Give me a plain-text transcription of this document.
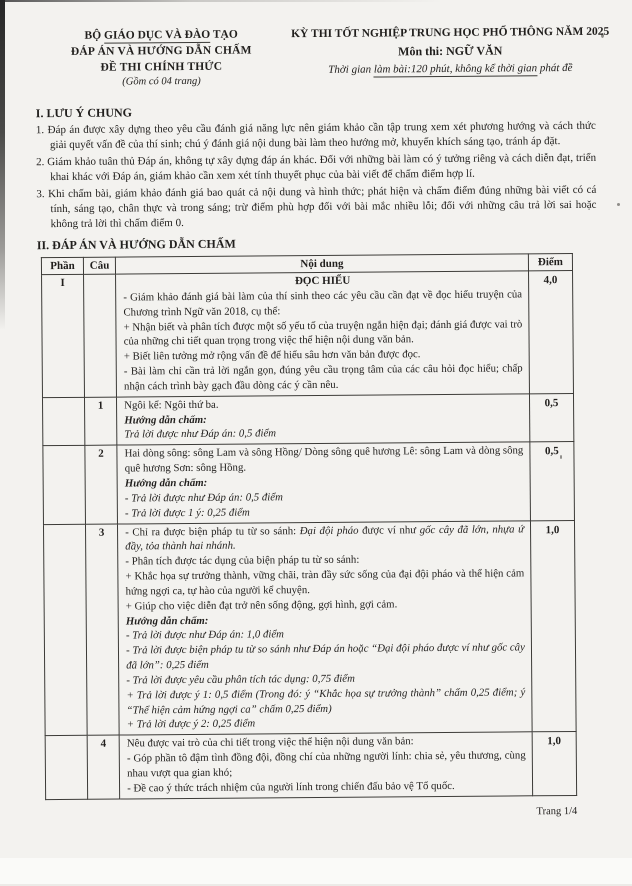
BỘ GIÁO DỤC VÀ ĐÀO TẠO
ĐÁP ÁN VÀ HƯỚNG DẪN CHẤM
ĐỀ THI CHÍNH THỨC
(Gồm có 04 trang)
KỲ THI TỐT NGHIỆP TRUNG HỌC PHỔ THÔNG NĂM 2025
Môn thi: NGỮ VĂN
Thời gian làm bài:120 phút, không kể thời gian phát đề
I. LƯU Ý CHUNG
1. Đáp án được xây dựng theo yêu cầu đánh giá năng lực nên giám khảo cần tập trung xem xét phương hướng và cách thức giải quyết vấn đề của thí sinh; chú ý đánh giá nội dung bài làm theo hướng mở, khuyến khích sáng tạo, tránh áp đặt.
2. Giám khảo tuân thủ Đáp án, không tự xây dựng đáp án khác. Đối với những bài làm có ý tưởng riêng và cách diễn đạt, triển khai khác với Đáp án, giám khảo cần xem xét tính thuyết phục của bài viết để chấm điểm hợp lí.
3. Khi chấm bài, giám khảo đánh giá bao quát cả nội dung và hình thức; phát hiện và chấm điểm đúng những bài viết có cá tính, sáng tạo, chân thực và trong sáng; trừ điểm phù hợp đối với bài mắc nhiều lỗi; đối với những câu trả lời sai hoặc không trả lời thì chấm điểm 0.
II. ĐÁP ÁN VÀ HƯỚNG DẪN CHẤM
Phần	Câu	Nội dung	Điểm
I		ĐỌC HIỂU
- Giám khảo đánh giá bài làm của thí sinh theo các yêu cầu cần đạt về đọc hiểu truyện của Chương trình Ngữ văn 2018, cụ thể:
+ Nhận biết và phân tích được một số yếu tố của truyện ngắn hiện đại; đánh giá được vai trò của những chi tiết quan trọng trong việc thể hiện nội dung văn bản.
+ Biết liên tưởng mở rộng vấn đề để hiểu sâu hơn văn bản được đọc.
- Bài làm chỉ cần trả lời ngắn gọn, đúng yêu cầu trọng tâm của các câu hỏi đọc hiểu; chấp nhận cách trình bày gạch đầu dòng các ý cần nêu.	4,0
	1	Ngôi kể: Ngôi thứ ba.
Hướng dẫn chấm:
Trả lời được như Đáp án: 0,5 điểm	0,5
	2	Hai dòng sông: sông Lam và sông Hồng/ Dòng sông quê hương Lê: sông Lam và dòng sông quê hương Sơn: sông Hồng.
Hướng dẫn chấm:
- Trả lời được như Đáp án: 0,5 điểm
- Trả lời được 1 ý: 0,25 điểm	0,5
	3	- Chỉ ra được biện pháp tu từ so sánh: Đại đội pháo được ví như gốc cây đã lớn, nhựa ứ đầy, tỏa thành hai nhánh.
- Phân tích được tác dụng của biện pháp tu từ so sánh:
+ Khắc họa sự trưởng thành, vững chãi, tràn đầy sức sống của đại đội pháo và thể hiện cảm hứng ngợi ca, tự hào của người kể chuyện.
+ Giúp cho việc diễn đạt trở nên sống động, gợi hình, gợi cảm.
Hướng dẫn chấm:
- Trả lời được như Đáp án: 1,0 điểm
- Trả lời được biện pháp tu từ so sánh như Đáp án hoặc “Đại đội pháo được ví như gốc cây đã lớn”: 0,25 điểm
- Trả lời được yêu cầu phân tích tác dụng: 0,75 điểm
+ Trả lời được ý 1: 0,5 điểm (Trong đó: ý “Khắc họa sự trưởng thành” chấm 0,25 điểm; ý “Thể hiện cảm hứng ngợi ca” chấm 0,25 điểm)
+ Trả lời được ý 2: 0,25 điểm
	1,0
	4	Nêu được vai trò của chi tiết trong việc thể hiện nội dung văn bản:
- Góp phần tô đậm tình đồng đội, đồng chí của những người lính: chia sẻ, yêu thương, cùng nhau vượt qua gian khó;
- Đề cao ý thức trách nhiệm của người lính trong chiến đấu bảo vệ Tổ quốc.	1,0
Trang 1/4
